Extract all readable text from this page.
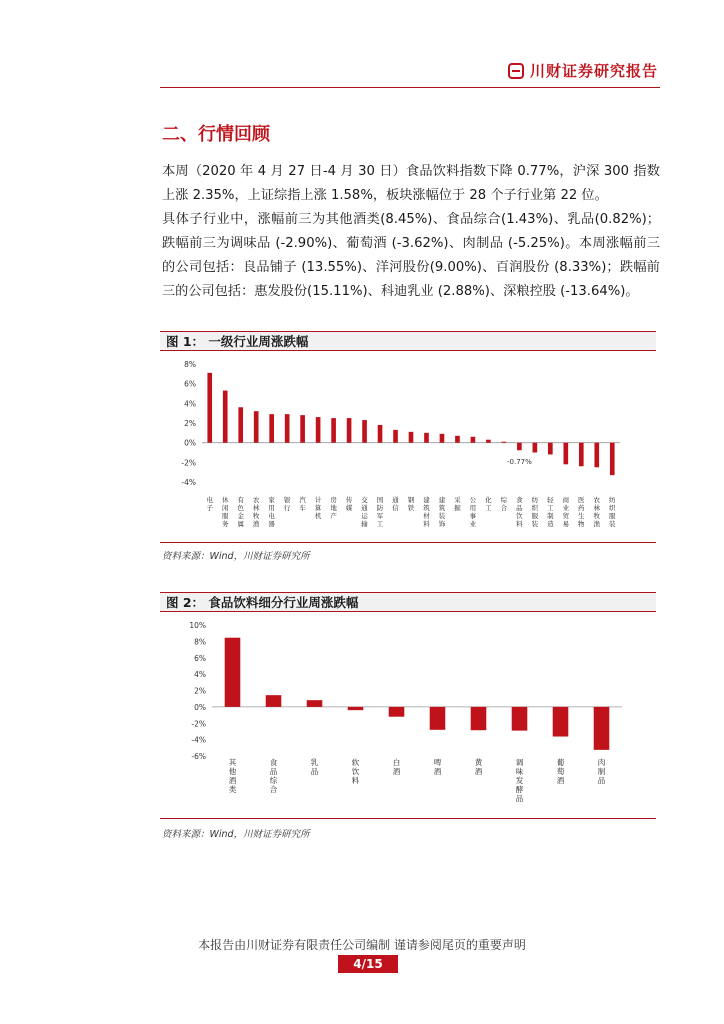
川财证券研究报告
二、行情回顾
本周（2020 年 4 月 27 日-4 月 30 日）食品饮料指数下降 0.77%，沪深 300 指数上涨 2.35%，上证综指上涨 1.58%，板块涨幅位于 28 个子行业第 22 位。
具体子行业中，涨幅前三为其他酒类(8.45%)、食品综合(1.43%)、乳品(0.82%)；跌幅前三为调味品 (-2.90%)、葡萄酒 (-3.62%)、肉制品 (-5.25%)。本周涨幅前三的公司包括：良品铺子 (13.55%)、洋河股份(9.00%)、百润股份 (8.33%)；跌幅前三的公司包括：惠发股份(15.11%)、科迪乳业 (2.88%)、深粮控股 (-13.64%)。
图 1： 一级行业周涨跌幅
8%
6%
4%
2%
0%
-2%
-4%
电子
休闲服务
有色金属
农林牧渔
家用电器
银行
汽车
计算机
房地产
传媒
交通运输
国防军工
通信
钢铁
建筑材料
建筑装饰
采掘
公用事业
化工
综合
食品饮料
纺织服装
轻工制造
商业贸易
医药生物
农林牧渔
纺织服装
-0.77%
资料来源：Wind，川财证券研究所
图 2： 食品饮料细分行业周涨跌幅
10%
8%
6%
4%
2%
0%
-2%
-4%
-6%
其他酒类
食品综合
乳品
软饮料
白酒
啤酒
黄酒
调味发酵品
葡萄酒
肉制品
资料来源：Wind，川财证券研究所
本报告由川财证券有限责任公司编制 谨请参阅尾页的重要声明
4/15
